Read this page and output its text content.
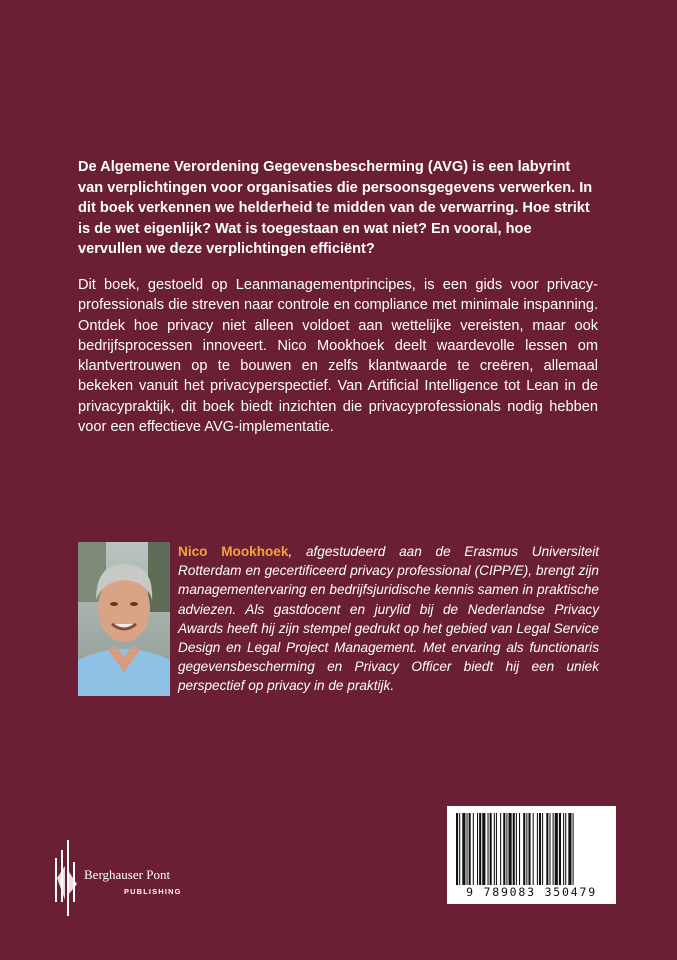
De Algemene Verordening Gegevensbescherming (AVG) is een labyrint van verplichtingen voor organisaties die persoonsgegevens verwerken. In dit boek verkennen we helderheid te midden van de verwarring. Hoe strikt is de wet eigenlijk? Wat is toegestaan en wat niet? En vooral, hoe vervullen we deze verplichtingen efficiënt?

Dit boek, gestoeld op Leanmanagementprincipes, is een gids voor privacy-professionals die streven naar controle en compliance met minimale inspanning. Ontdek hoe privacy niet alleen voldoet aan wettelijke vereisten, maar ook bedrijfsprocessen innoveert. Nico Mookhoek deelt waardevolle lessen om klantvertrouwen op te bouwen en zelfs klantwaarde te creëren, allemaal bekeken vanuit het privacyperspectief. Van Artificial Intelligence tot Lean in de privacypraktijk, dit boek biedt inzichten die privacyprofessionals nodig hebben voor een effectieve AVG-implementatie.

Nico Mookhoek, afgestudeerd aan de Erasmus Universiteit Rotterdam en gecertificeerd privacy professional (CIPP/E), brengt zijn managementervaring en bedrijfsjuridische kennis samen in praktische adviezen. Als gastdocent en jurylid bij de Nederlandse Privacy Awards heeft hij zijn stempel gedrukt op het gebied van Legal Service Design en Legal Project Management. Met ervaring als functionaris gegevensbescherming en Privacy Officer biedt hij een uniek perspectief op privacy in de praktijk.

Berghauser Pont
PUBLISHING	9 789083 350479
